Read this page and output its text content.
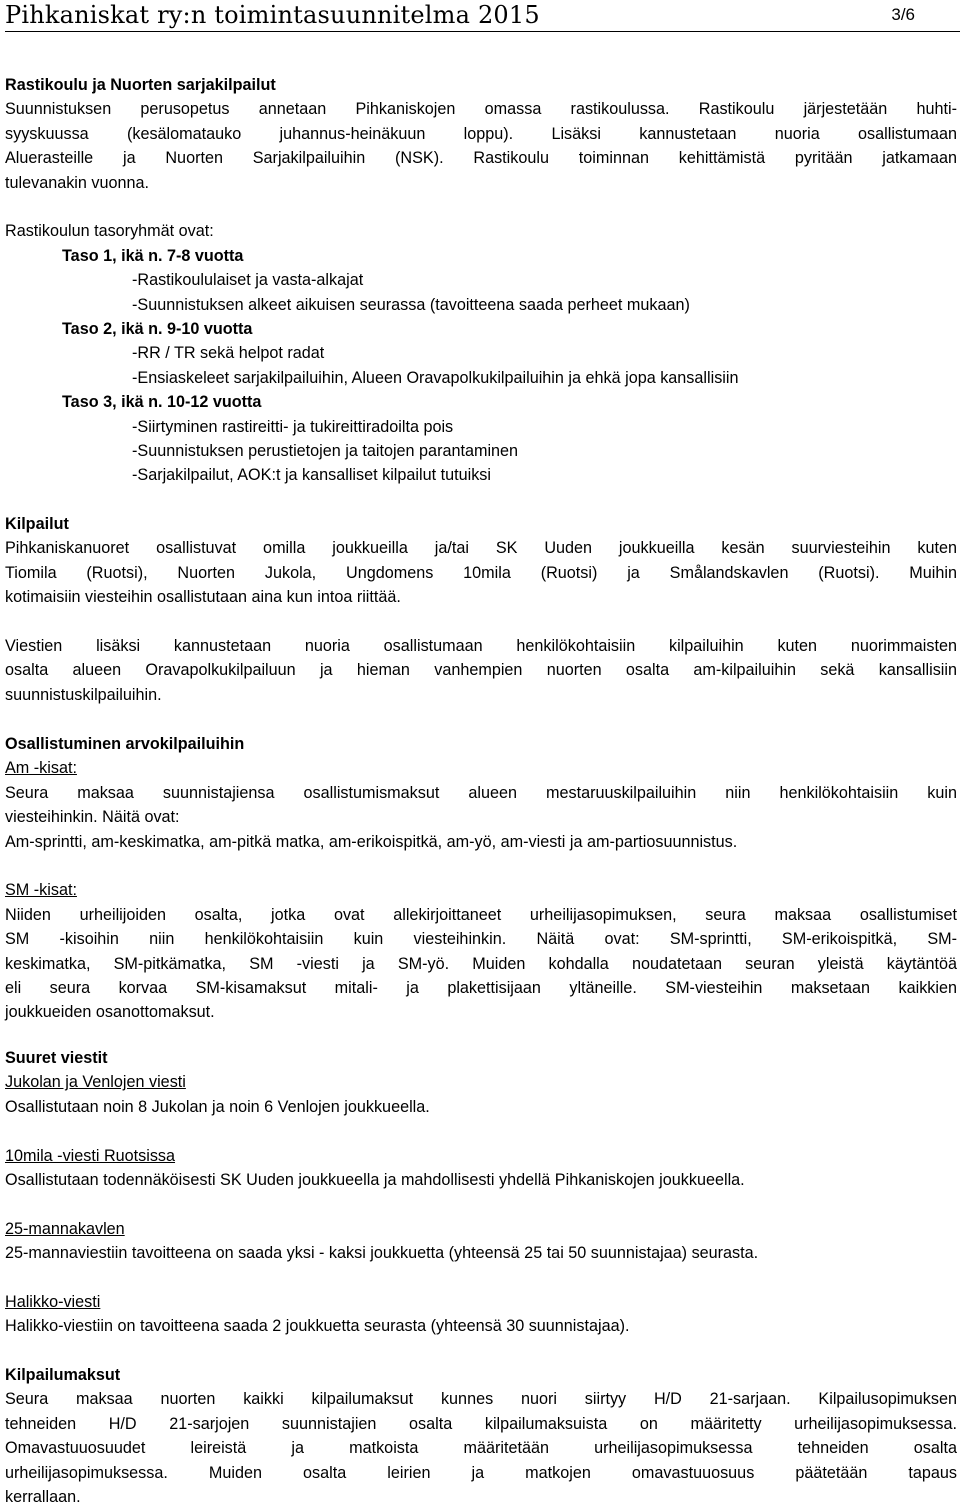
Pihkaniskat ry:n toimintasuunnitelma 2015	3/6

Rastikoulu ja Nuorten sarjakilpailut

Suunnistuksen perusopetus annetaan Pihkaniskojen omassa rastikoulussa. Rastikoulu järjestetään huhti-

syyskuussa (kesälomatauko juhannus-heinäkuun loppu). Lisäksi kannustetaan nuoria osallistumaan

Aluerasteille ja Nuorten Sarjakilpailuihin (NSK). Rastikoulu toiminnan kehittämistä pyritään jatkamaan

tulevanakin vuonna.

Rastikoulun tasoryhmät ovat:

Taso 1, ikä n. 7-8 vuotta

-Rastikoululaiset ja vasta-alkajat

-Suunnistuksen alkeet aikuisen seurassa (tavoitteena saada perheet mukaan)

Taso 2, ikä n. 9-10 vuotta

-RR / TR sekä helpot radat

-Ensiaskeleet sarjakilpailuihin, Alueen Oravapolkukilpailuihin ja ehkä jopa kansallisiin

Taso 3, ikä n. 10-12 vuotta

-Siirtyminen rastireitti- ja tukireittiradoilta pois

-Suunnistuksen perustietojen ja taitojen parantaminen

-Sarjakilpailut, AOK:t ja kansalliset kilpailut tutuiksi

Kilpailut

Pihkaniskanuoret osallistuvat omilla joukkueilla ja/tai SK Uuden joukkueilla kesän suurviesteihin kuten

Tiomila (Ruotsi), Nuorten Jukola, Ungdomens 10mila (Ruotsi) ja Smålandskavlen (Ruotsi). Muihin

kotimaisiin viesteihin osallistutaan aina kun intoa riittää.

Viestien lisäksi kannustetaan nuoria osallistumaan henkilökohtaisiin kilpailuihin kuten nuorimmaisten

osalta alueen Oravapolkukilpailuun ja hieman vanhempien nuorten osalta am-kilpailuihin sekä kansallisiin

suunnistuskilpailuihin.

Osallistuminen arvokilpailuihin

Am -kisat:

Seura maksaa suunnistajiensa osallistumismaksut alueen mestaruuskilpailuihin niin henkilökohtaisiin kuin

viesteihinkin. Näitä ovat:

Am-sprintti, am-keskimatka, am-pitkä matka, am-erikoispitkä, am-yö, am-viesti ja am-partiosuunnistus.

SM -kisat:

Niiden urheilijoiden osalta, jotka ovat allekirjoittaneet urheilijasopimuksen, seura maksaa osallistumiset

SM -kisoihin niin henkilökohtaisiin kuin viesteihinkin. Näitä ovat: SM-sprintti, SM-erikoispitkä, SM-

keskimatka, SM-pitkämatka, SM -viesti ja SM-yö. Muiden kohdalla noudatetaan seuran yleistä käytäntöä

eli seura korvaa SM-kisamaksut mitali- ja plakettisijaan yltäneille. SM-viesteihin maksetaan kaikkien

joukkueiden osanottomaksut.

Suuret viestit

Jukolan ja Venlojen viesti

Osallistutaan noin 8 Jukolan ja noin 6 Venlojen joukkueella.

10mila -viesti Ruotsissa

Osallistutaan todennäköisesti SK Uuden joukkueella ja mahdollisesti yhdellä Pihkaniskojen joukkueella.

25-mannakavlen

25-mannaviestiin tavoitteena on saada yksi - kaksi joukkuetta (yhteensä 25 tai 50 suunnistajaa) seurasta.

Halikko-viesti

Halikko-viestiin on tavoitteena saada 2 joukkuetta seurasta (yhteensä 30 suunnistajaa).

Kilpailumaksut

Seura maksaa nuorten kaikki kilpailumaksut kunnes nuori siirtyy H/D 21-sarjaan. Kilpailusopimuksen

tehneiden H/D 21-sarjojen suunnistajien osalta kilpailumaksuista on määritetty urheilijasopimuksessa.

Omavastuuosuudet leireistä ja matkoista määritetään urheilijasopimuksessa tehneiden osalta

urheilijasopimuksessa. Muiden osalta leirien ja matkojen omavastuuosuus päätetään tapaus

kerrallaan.
